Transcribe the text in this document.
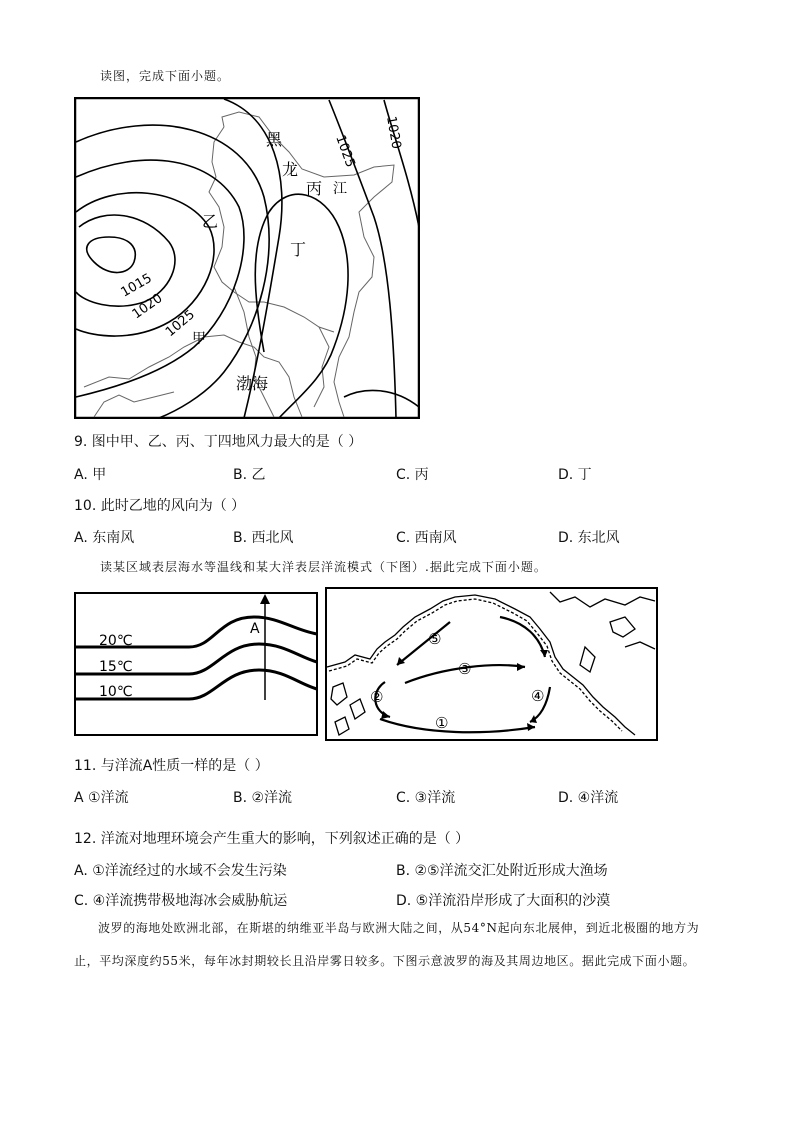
读图，完成下面小题。
1015
1020
1025
1025
1020
黑
龙
江
丙
乙
丁
甲
渤海
9. 图中甲、乙、丙、丁四地风力最大的是（ ）
A. 甲	B. 乙	C. 丙	D. 丁
10. 此时乙地的风向为（ ）
A. 东南风	B. 西北风	C. 西南风	D. 东北风
读某区域表层海水等温线和某大洋表层洋流模式（下图）.据此完成下面小题。
A
20℃
15℃
10℃
⑤
③
②	④
①
11. 与洋流A性质一样的是（ ）
A ①洋流	B. ②洋流	C. ③洋流	D. ④洋流
12. 洋流对地理环境会产生重大的影响，下列叙述正确的是（ ）
A. ①洋流经过的水域不会发生污染	B. ②⑤洋流交汇处附近形成大渔场
C. ④洋流携带极地海冰会威胁航运	D. ⑤洋流沿岸形成了大面积的沙漠
波罗的海地处欧洲北部，在斯堪的纳维亚半岛与欧洲大陆之间，从54°N起向东北展伸，到近北极圈的地方为止，平均深度约55米，每年冰封期较长且沿岸雾日较多。下图示意波罗的海及其周边地区。据此完成下面小题。
